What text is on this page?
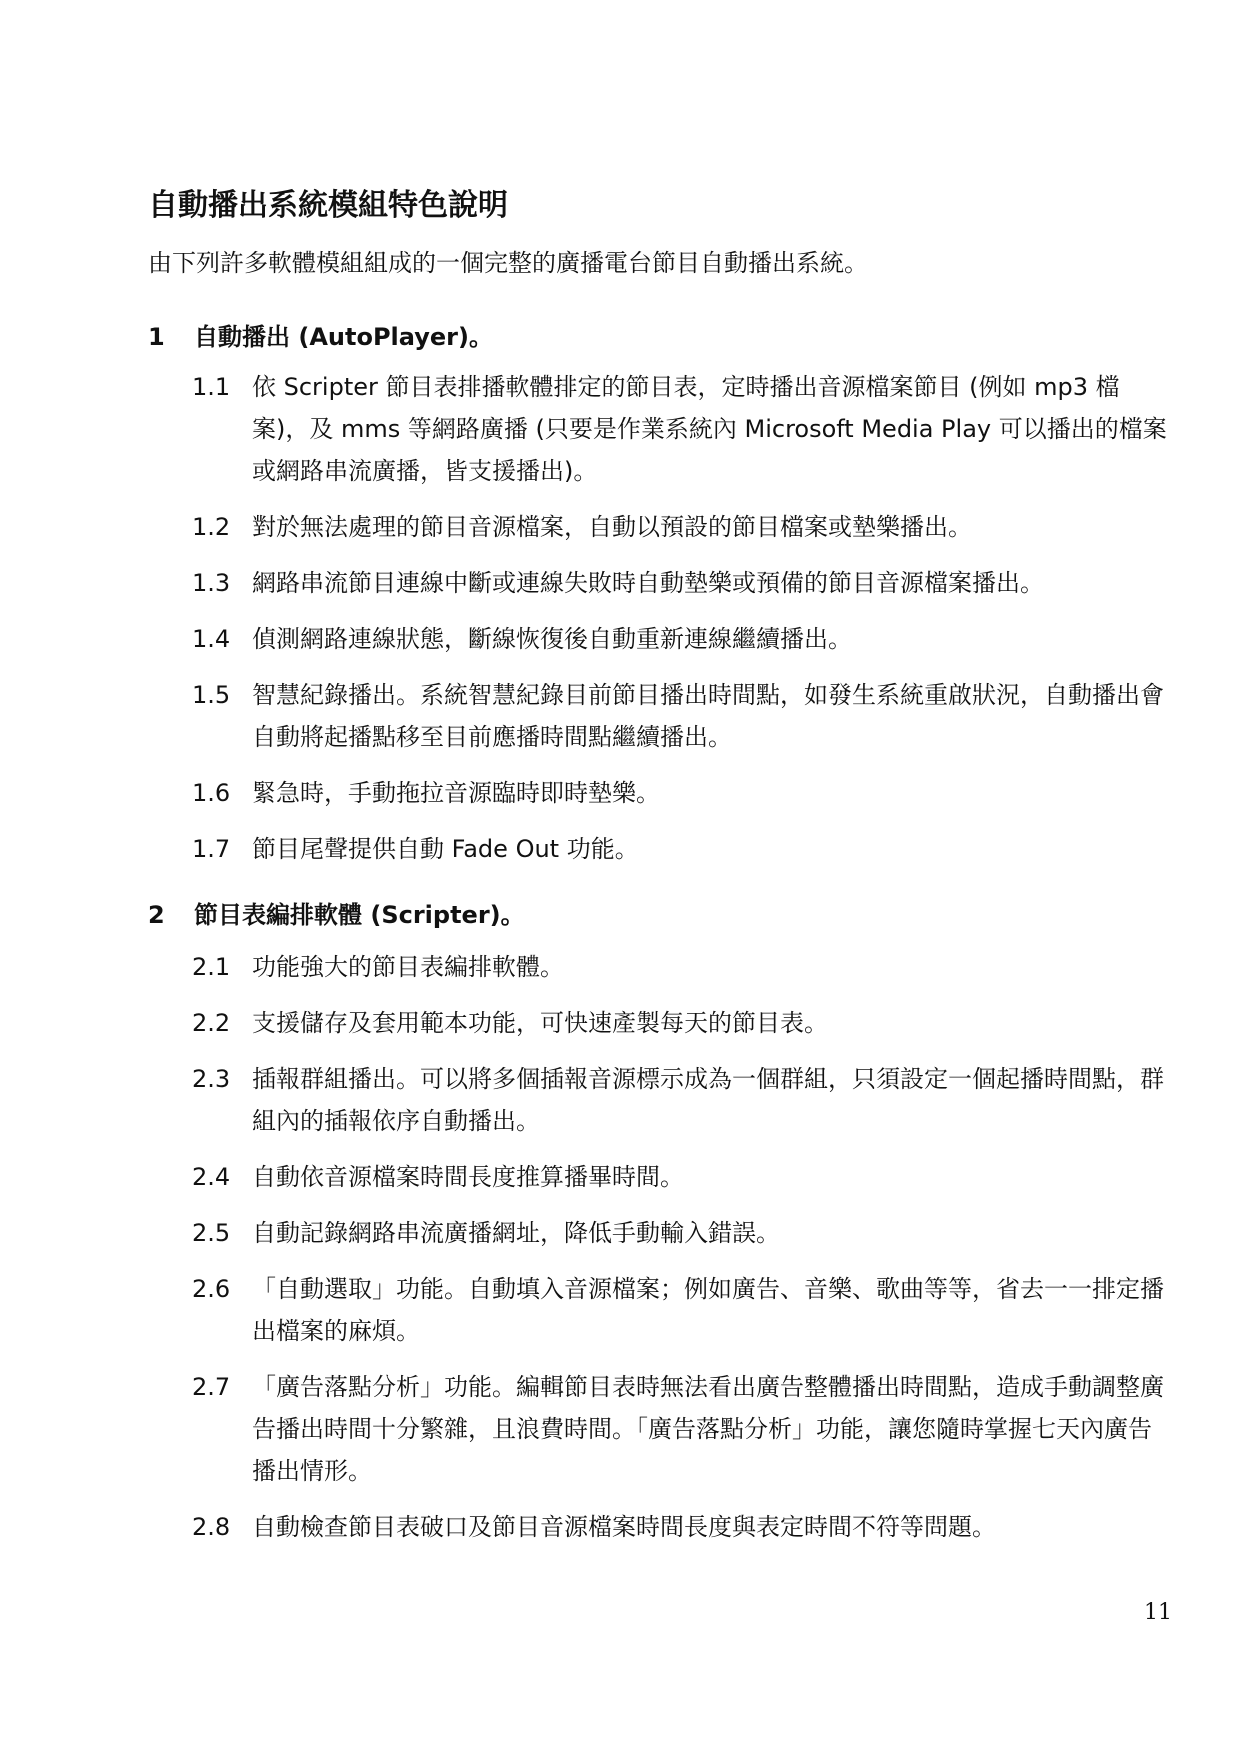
自動播出系統模組特色說明
由下列許多軟體模組組成的一個完整的廣播電台節目自動播出系統。
1 自動播出 (AutoPlayer)。
1.1 依 Scripter 節目表排播軟體排定的節目表，定時播出音源檔案節目 (例如 mp3 檔案)，及 mms 等網路廣播 (只要是作業系統內 Microsoft Media Play 可以播出的檔案或網路串流廣播，皆支援播出)。
1.2 對於無法處理的節目音源檔案，自動以預設的節目檔案或墊樂播出。
1.3 網路串流節目連線中斷或連線失敗時自動墊樂或預備的節目音源檔案播出。
1.4 偵測網路連線狀態，斷線恢復後自動重新連線繼續播出。
1.5 智慧紀錄播出。系統智慧紀錄目前節目播出時間點，如發生系統重啟狀況，自動播出會自動將起播點移至目前應播時間點繼續播出。
1.6 緊急時，手動拖拉音源臨時即時墊樂。
1.7 節目尾聲提供自動 Fade Out 功能。
2 節目表編排軟體 (Scripter)。
2.1 功能強大的節目表編排軟體。
2.2 支援儲存及套用範本功能，可快速產製每天的節目表。
2.3 插報群組播出。可以將多個插報音源標示成為一個群組，只須設定一個起播時間點，群組內的插報依序自動播出。
2.4 自動依音源檔案時間長度推算播畢時間。
2.5 自動記錄網路串流廣播網址，降低手動輸入錯誤。
2.6 「自動選取」功能。自動填入音源檔案；例如廣告、音樂、歌曲等等，省去一一排定播出檔案的麻煩。
2.7 「廣告落點分析」功能。編輯節目表時無法看出廣告整體播出時間點，造成手動調整廣告播出時間十分繁雜，且浪費時間。「廣告落點分析」功能，讓您隨時掌握七天內廣告播出情形。
2.8 自動檢查節目表破口及節目音源檔案時間長度與表定時間不符等問題。
11
